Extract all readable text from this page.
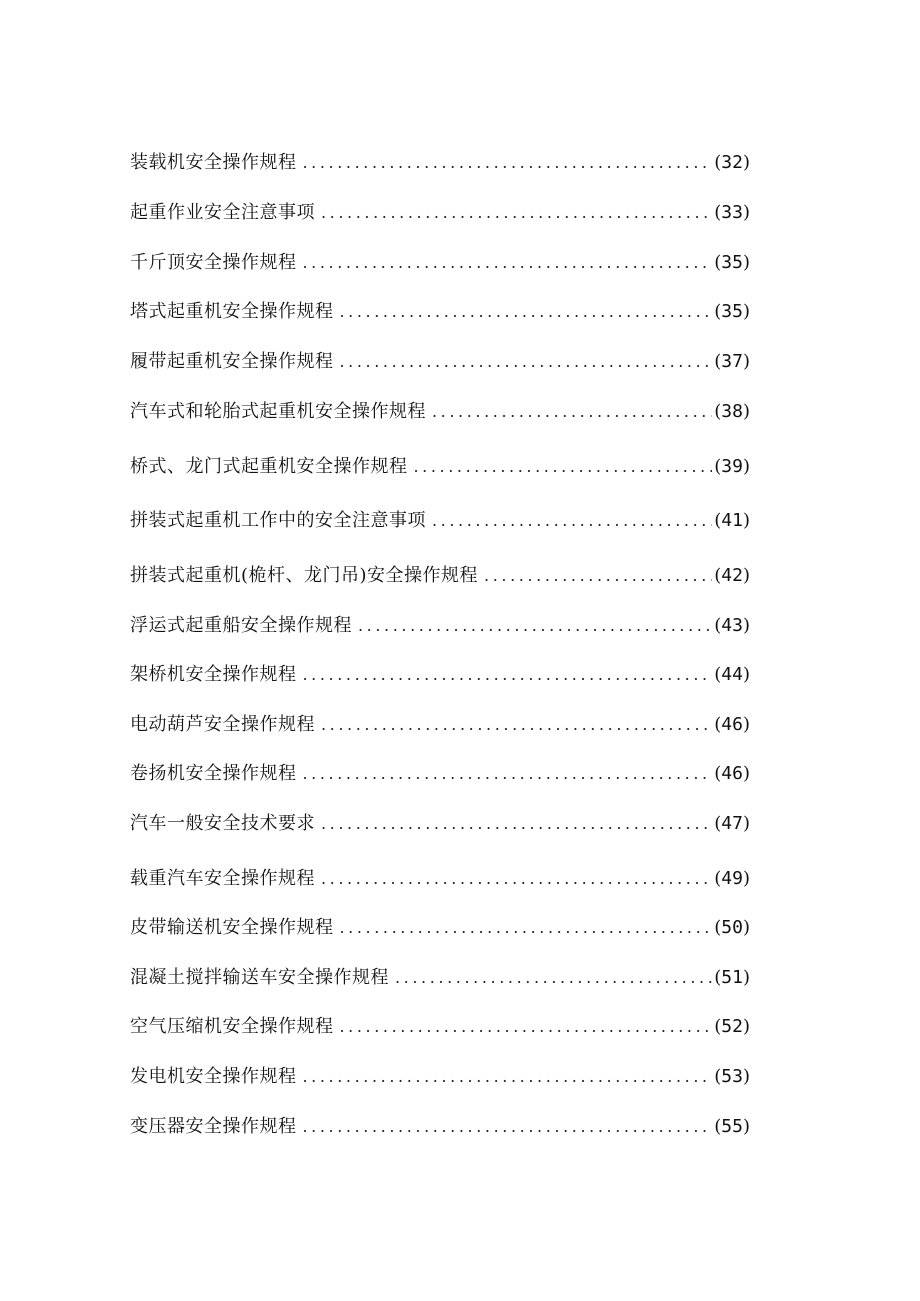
装载机安全操作规程 .....	(32)
起重作业安全注意事项 .....	(33)
千斤顶安全操作规程 .....	(35)
塔式起重机安全操作规程 .....	(35)
履带起重机安全操作规程 .....	(37)
汽车式和轮胎式起重机安全操作规程 .....	(38)
桥式、龙门式起重机安全操作规程 .....	(39)
拼装式起重机工作中的安全注意事项 .....	(41)
拼装式起重机(桅杆、龙门吊)安全操作规程 .....	(42)
浮运式起重船安全操作规程 .....	(43)
架桥机安全操作规程 .....	(44)
电动葫芦安全操作规程 .....	(46)
卷扬机安全操作规程 .....	(46)
汽车一般安全技术要求 .....	(47)
载重汽车安全操作规程 .....	(49)
皮带输送机安全操作规程 .....	(50)
混凝土搅拌输送车安全操作规程 .....	(51)
空气压缩机安全操作规程 .....	(52)
发电机安全操作规程 .....	(53)
变压器安全操作规程 .....	(55)
